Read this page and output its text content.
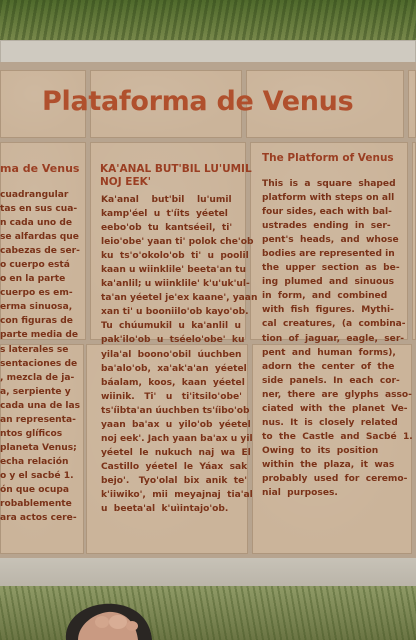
Plataforma de Venus
ma de Venus
cuadrangular
tas en sus cua-
n cada uno de
se alfardas que
cabezas de ser-
o cuerpo está
o en la parte
cuerpo es em-
erma sinuosa,
con figuras de
parte media de
s laterales se
sentaciones de
, mezcla de ja-
a, serpiente y
cada una de las
an representa-
ntos glíficos
planeta Venus;
echa relación
o y el sacbé 1.
ón que ocupa
robablemente
ara actos cere-
KA'ANAL BUT'BIL LU'UMIL
NOJ EEK'
Ka'anal    but'bil    lu'umil
kamp'éel  u  t'íits  yéetel
eebo'ob  tu  kantséeil,  ti'
leio'obe' yaan ti' polok che'ob
ku  ts'o'okolo'ob  ti'  u  poolil
kaan u wiinklile' beeta'an tu
ka'anlil; u wiinklile' k'u'uk'ul-
ta'an yéetel je'ex kaane', yaan
xan ti' u booniilo'ob kayo'ob.
Tu  chúumukil  u  ka'anlil  u
pak'ilo'ob  u  tséelo'obe'  ku
yila'al  boono'obil  úuchben
ba'alo'ob,  xa'ak'a'an  yéetel
báalam,  koos,  kaan  yéetel
wiinik.   Ti'   u   ti'itsilo'obe'
ts'íibta'an úuchben ts'íibo'ob
yaan  ba'ax  u  yilo'ob  yéetel
noj eek'. Jach yaan ba'ax u yil
yéetel  le  nukuch  naj  wa  El
Castillo  yéetel  le  Yáax  sak
bejo'.   Tyo'olal  bix  anik  te'
k'iiwiko',  mii  meyajnaj  tia'al
u  beeta'al  k'uìintajo'ob.
The Platform of Venus
This  is  a  square  shaped
platform with steps on all
four sides, each with bal-
ustrades  ending  in  ser-
pent's  heads,  and  whose
bodies are represented in
the  upper  section  as  be-
ing  plumed  and  sinuous
in  form,  and  combined
with  fish  figures.  Mythi-
cal  creatures,  (a  combina-
tion  of  jaguar,  eagle,  ser-
pent  and  human  forms),
adorn  the  center  of  the
side  panels.  In  each  cor-
ner,  there  are  glyphs  asso-
ciated  with  the  planet  Ve-
nus.  It  is  closely  related
to  the  Castle  and  Sacbé  1.
Owing  to  its  position
within  the  plaza,  it  was
probably  used  for  ceremo-
nial  purposes.
